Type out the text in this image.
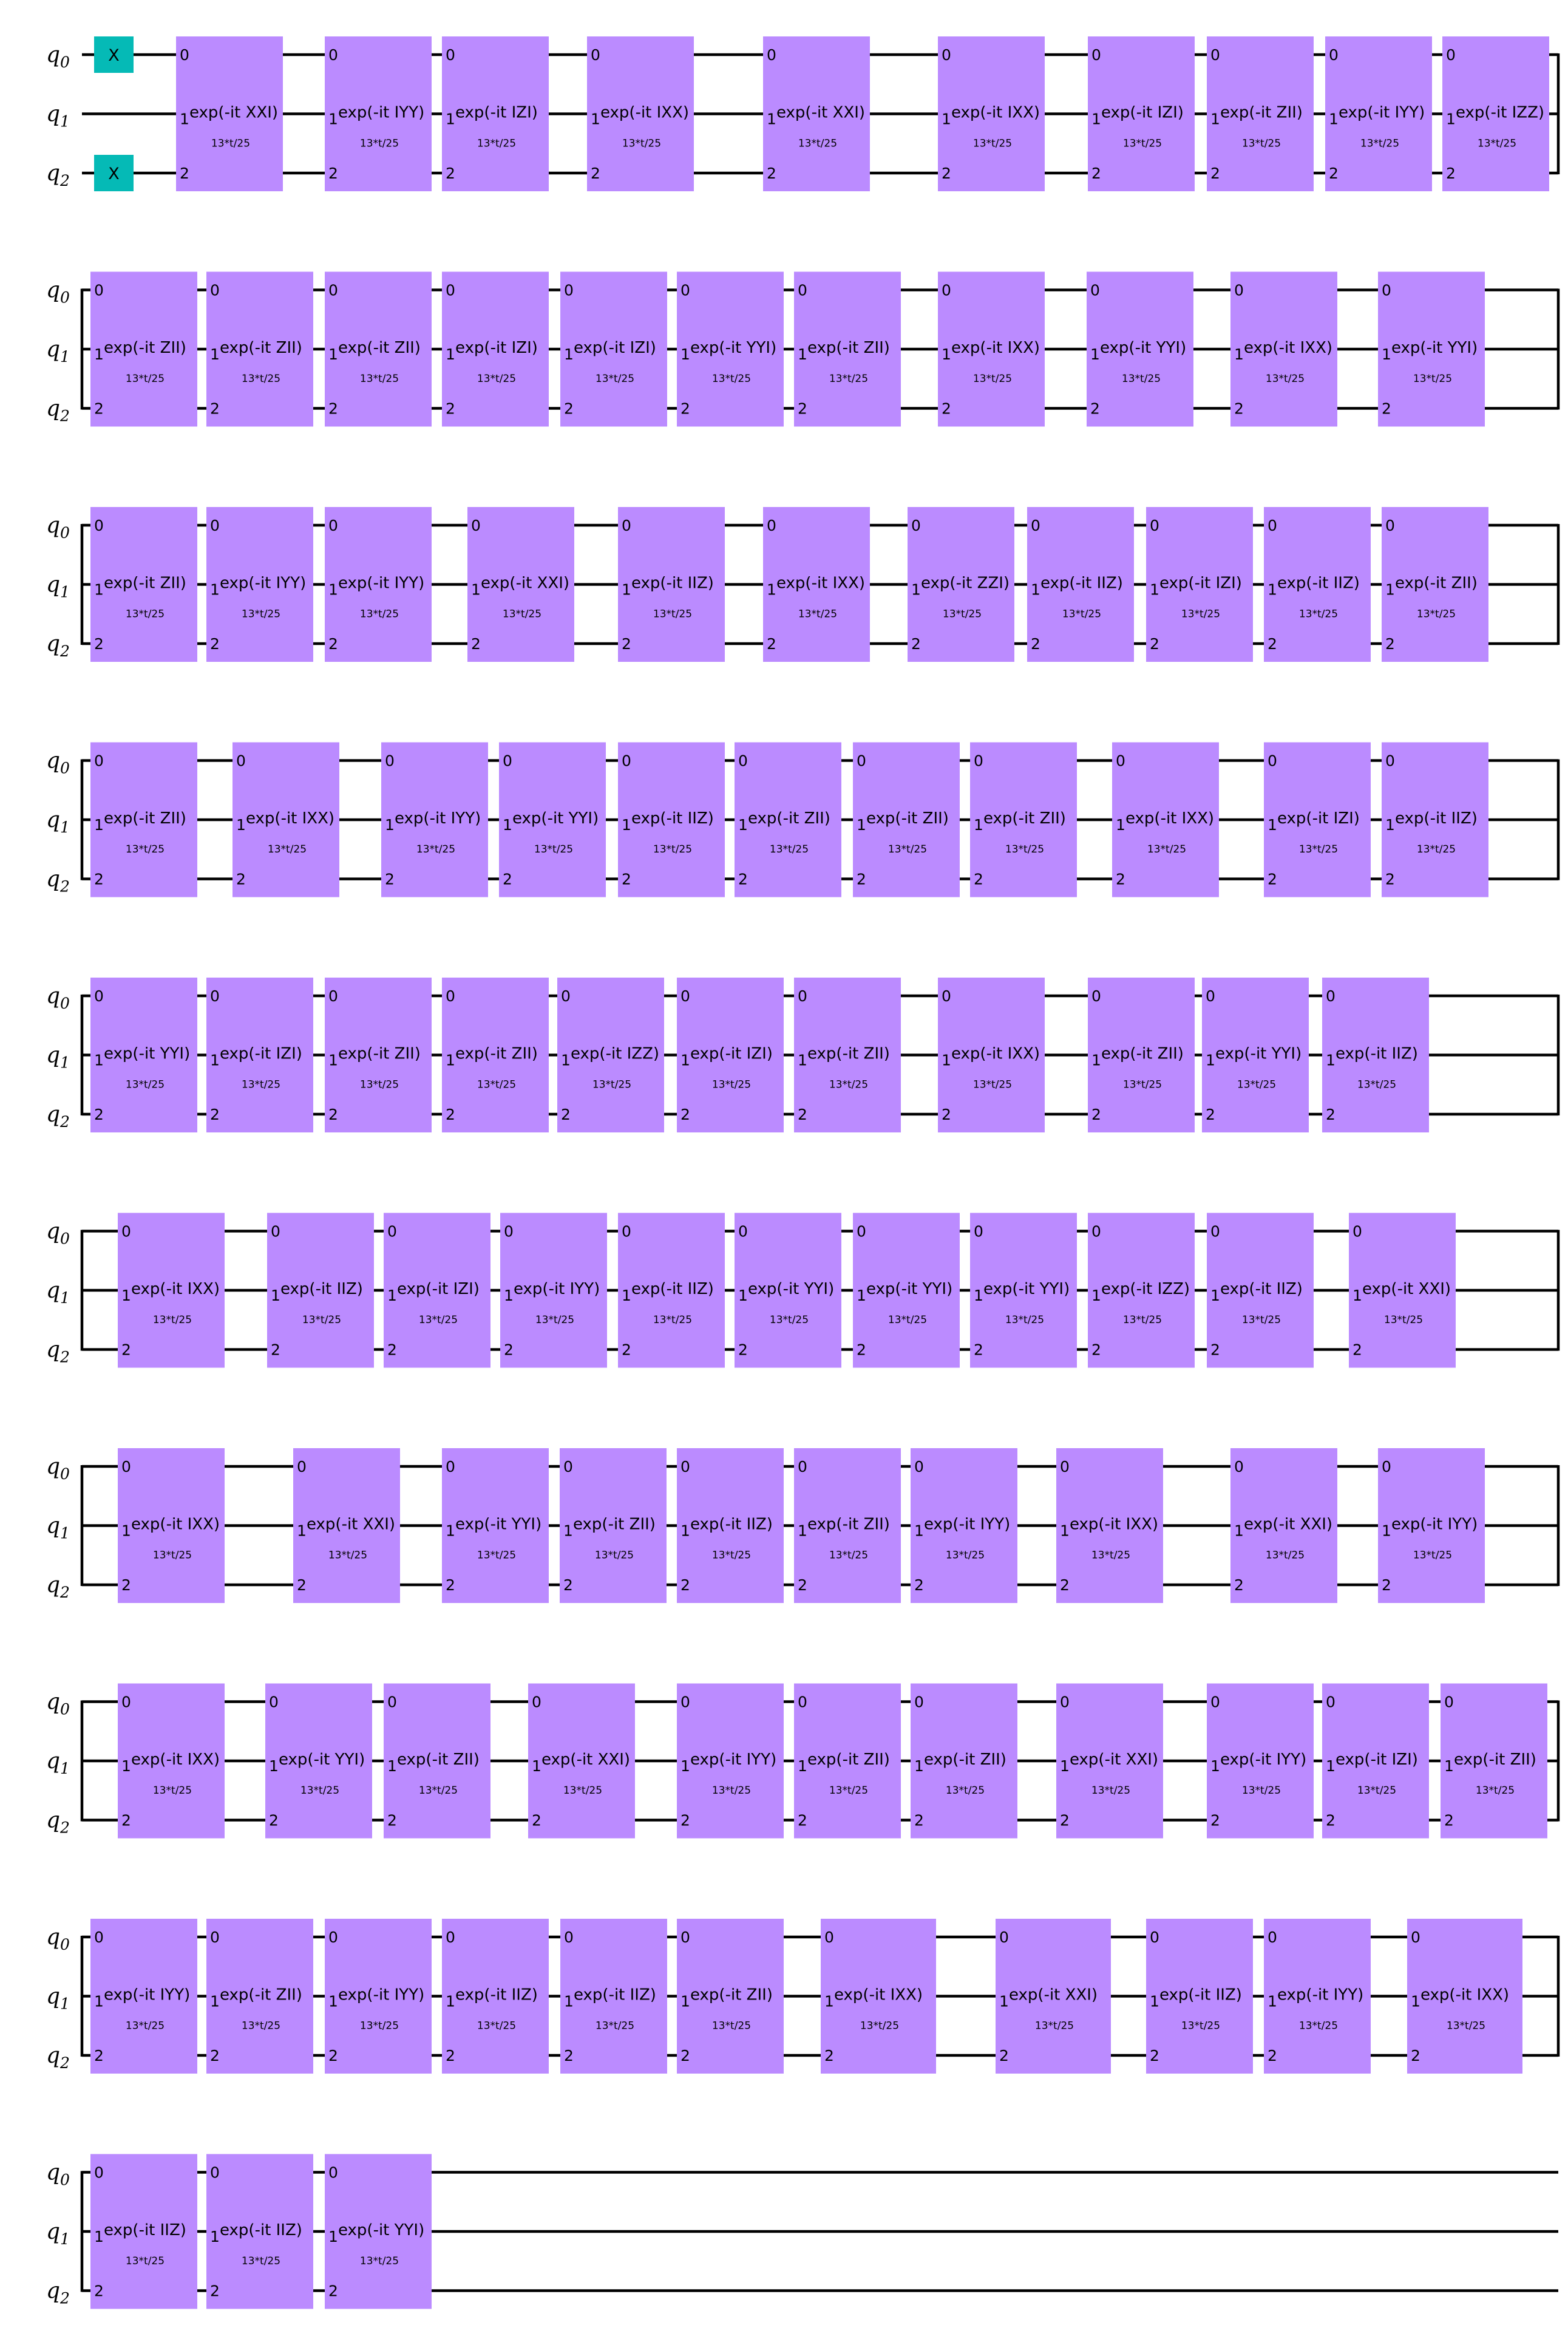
$q_0$
$q_1$
$q_2$
X
X
0
1
2
exp(-it XXI)
13*t/25
0
1
2
exp(-it IYY)
13*t/25
0
1
2
exp(-it IZI)
13*t/25
0
1
2
exp(-it IXX)
13*t/25
0
1
2
exp(-it XXI)
13*t/25
0
1
2
exp(-it IXX)
13*t/25
0
1
2
exp(-it IZI)
13*t/25
0
1
2
exp(-it ZII)
13*t/25
0
1
2
exp(-it IYY)
13*t/25
0
1
2
exp(-it IZZ)
13*t/25
$q_0$
$q_1$
$q_2$
0
1
2
exp(-it ZII)
13*t/25
0
1
2
exp(-it ZII)
13*t/25
0
1
2
exp(-it ZII)
13*t/25
0
1
2
exp(-it IZI)
13*t/25
0
1
2
exp(-it IZI)
13*t/25
0
1
2
exp(-it YYI)
13*t/25
0
1
2
exp(-it ZII)
13*t/25
0
1
2
exp(-it IXX)
13*t/25
0
1
2
exp(-it YYI)
13*t/25
0
1
2
exp(-it IXX)
13*t/25
0
1
2
exp(-it YYI)
13*t/25
$q_0$
$q_1$
$q_2$
0
1
2
exp(-it ZII)
13*t/25
0
1
2
exp(-it IYY)
13*t/25
0
1
2
exp(-it IYY)
13*t/25
0
1
2
exp(-it XXI)
13*t/25
0
1
2
exp(-it IIZ)
13*t/25
0
1
2
exp(-it IXX)
13*t/25
0
1
2
exp(-it ZZI)
13*t/25
0
1
2
exp(-it IIZ)
13*t/25
0
1
2
exp(-it IZI)
13*t/25
0
1
2
exp(-it IIZ)
13*t/25
0
1
2
exp(-it ZII)
13*t/25
$q_0$
$q_1$
$q_2$
0
1
2
exp(-it ZII)
13*t/25
0
1
2
exp(-it IXX)
13*t/25
0
1
2
exp(-it IYY)
13*t/25
0
1
2
exp(-it YYI)
13*t/25
0
1
2
exp(-it IIZ)
13*t/25
0
1
2
exp(-it ZII)
13*t/25
0
1
2
exp(-it ZII)
13*t/25
0
1
2
exp(-it ZII)
13*t/25
0
1
2
exp(-it IXX)
13*t/25
0
1
2
exp(-it IZI)
13*t/25
0
1
2
exp(-it IIZ)
13*t/25
$q_0$
$q_1$
$q_2$
0
1
2
exp(-it YYI)
13*t/25
0
1
2
exp(-it IZI)
13*t/25
0
1
2
exp(-it ZII)
13*t/25
0
1
2
exp(-it ZII)
13*t/25
0
1
2
exp(-it IZZ)
13*t/25
0
1
2
exp(-it IZI)
13*t/25
0
1
2
exp(-it ZII)
13*t/25
0
1
2
exp(-it IXX)
13*t/25
0
1
2
exp(-it ZII)
13*t/25
0
1
2
exp(-it YYI)
13*t/25
0
1
2
exp(-it IIZ)
13*t/25
$q_0$
$q_1$
$q_2$
0
1
2
exp(-it IXX)
13*t/25
0
1
2
exp(-it IIZ)
13*t/25
0
1
2
exp(-it IZI)
13*t/25
0
1
2
exp(-it IYY)
13*t/25
0
1
2
exp(-it IIZ)
13*t/25
0
1
2
exp(-it YYI)
13*t/25
0
1
2
exp(-it YYI)
13*t/25
0
1
2
exp(-it YYI)
13*t/25
0
1
2
exp(-it IZZ)
13*t/25
0
1
2
exp(-it IIZ)
13*t/25
0
1
2
exp(-it XXI)
13*t/25
$q_0$
$q_1$
$q_2$
0
1
2
exp(-it IXX)
13*t/25
0
1
2
exp(-it XXI)
13*t/25
0
1
2
exp(-it YYI)
13*t/25
0
1
2
exp(-it ZII)
13*t/25
0
1
2
exp(-it IIZ)
13*t/25
0
1
2
exp(-it ZII)
13*t/25
0
1
2
exp(-it IYY)
13*t/25
0
1
2
exp(-it IXX)
13*t/25
0
1
2
exp(-it XXI)
13*t/25
0
1
2
exp(-it IYY)
13*t/25
$q_0$
$q_1$
$q_2$
0
1
2
exp(-it IXX)
13*t/25
0
1
2
exp(-it YYI)
13*t/25
0
1
2
exp(-it ZII)
13*t/25
0
1
2
exp(-it XXI)
13*t/25
0
1
2
exp(-it IYY)
13*t/25
0
1
2
exp(-it ZII)
13*t/25
0
1
2
exp(-it ZII)
13*t/25
0
1
2
exp(-it XXI)
13*t/25
0
1
2
exp(-it IYY)
13*t/25
0
1
2
exp(-it IZI)
13*t/25
0
1
2
exp(-it ZII)
13*t/25
$q_0$
$q_1$
$q_2$
0
1
2
exp(-it IYY)
13*t/25
0
1
2
exp(-it ZII)
13*t/25
0
1
2
exp(-it IYY)
13*t/25
0
1
2
exp(-it IIZ)
13*t/25
0
1
2
exp(-it IIZ)
13*t/25
0
1
2
exp(-it ZII)
13*t/25
0
1
2
exp(-it IXX)
13*t/25
0
1
2
exp(-it XXI)
13*t/25
0
1
2
exp(-it IIZ)
13*t/25
0
1
2
exp(-it IYY)
13*t/25
0
1
2
exp(-it IXX)
13*t/25
$q_0$
$q_1$
$q_2$
0
1
2
exp(-it IIZ)
13*t/25
0
1
2
exp(-it IIZ)
13*t/25
0
1
2
exp(-it YYI)
13*t/25
